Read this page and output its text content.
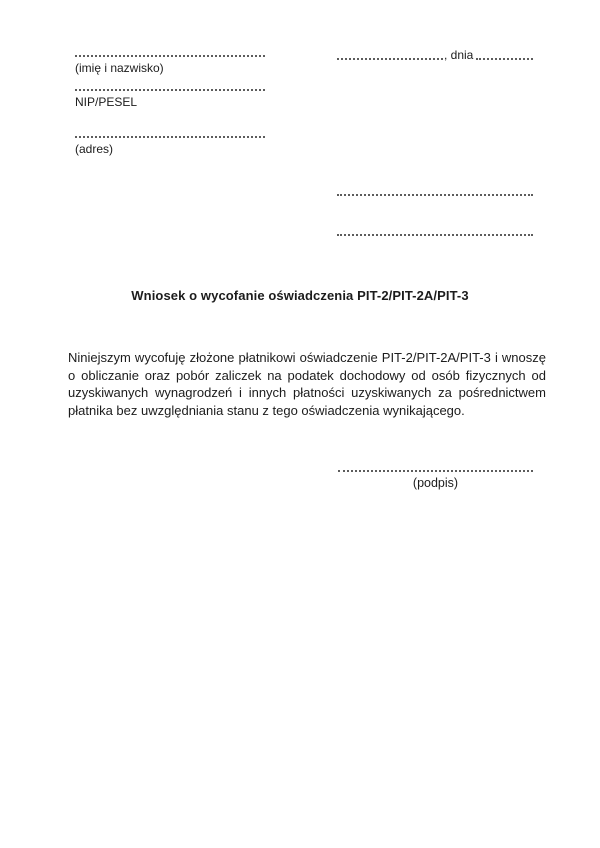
(imię i nazwisko)
NIP/PESEL
(adres)
, dnia
Wniosek o wycofanie oświadczenia PIT-2/PIT-2A/PIT-3
Niniejszym wycofuję złożone płatnikowi oświadczenie PIT-2/PIT-2A/PIT-3 i wnoszę o obliczanie oraz pobór zaliczek na podatek dochodowy od osób fizycznych od uzyskiwanych wynagrodzeń i innych płatności uzyskiwanych za pośrednictwem płatnika bez uwzględniania stanu z tego oświadczenia wynikającego.
(podpis)
